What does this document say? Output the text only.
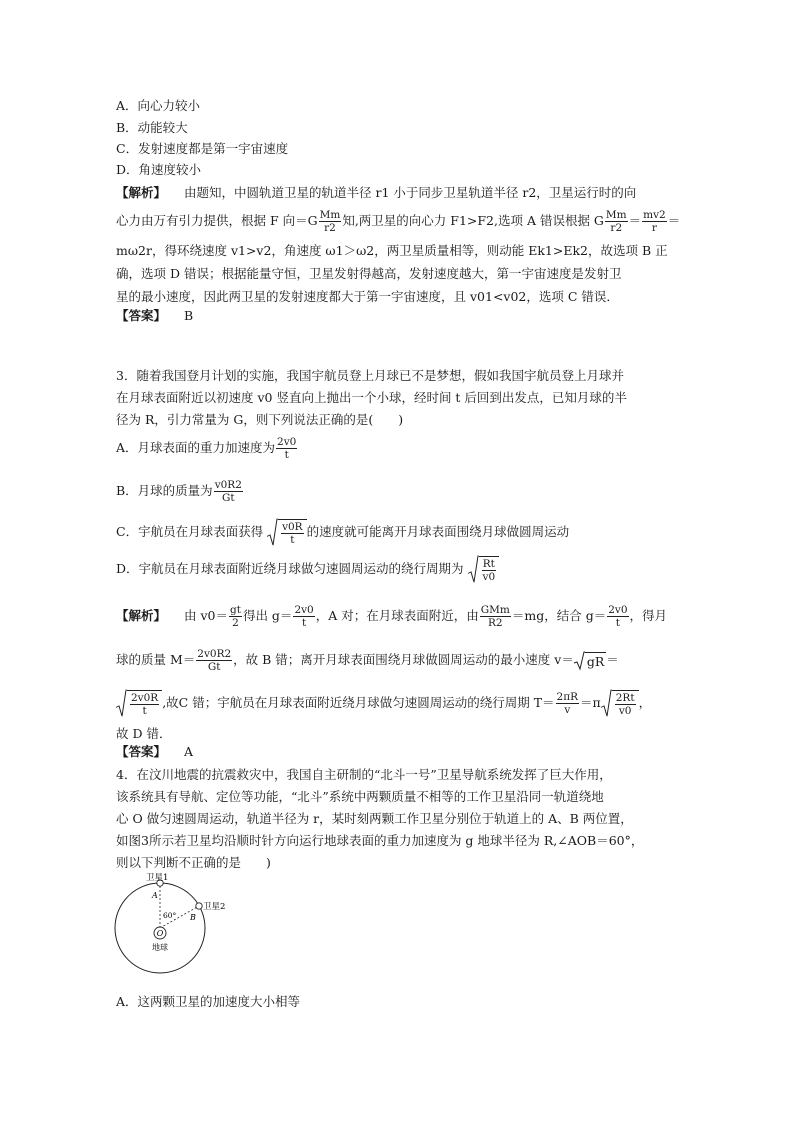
A．向心力较小
B．动能较大
C．发射速度都是第一宇宙速度
D．角速度较小
【解析】 由题知，中圆轨道卫星的轨道半径 r1 小于同步卫星轨道半径 r2，卫星运行时的向
心力由万有引力提供，根据 F 向$=G \frac{Mm}{r2}$ 知,两卫星的向心力 F1>F2,选项 A 错误根据 G $\frac{Mm}{r2} = \frac{mv2}{r}$ ＝
mω2r，得环绕速度 v1>v2，角速度 ω1＞ω2，两卫星质量相等，则动能 Ek1>Ek2，故选项 B 正
确，选项 D 错误；根据能量守恒，卫星发射得越高，发射速度越大，第一宇宙速度是发射卫
星的最小速度，因此两卫星的发射速度都大于第一宇宙速度，且 v01<v02，选项 C 错误．
【答案】 B
3．随着我国登月计划的实施，我国宇航员登上月球已不是梦想，假如我国宇航员登上月球并
在月球表面附近以初速度 v0 竖直向上抛出一个小球，经时间 t 后回到出发点，已知月球的半
径为 R，引力常量为 G，则下列说法正确的是(　　)
A．月球表面的重力加速度为 $\frac{2v0}{t}$
B．月球的质量为 $\frac{v0R2}{Gt}$
C．宇航员在月球表面获得 $\frac{v0R}{t}$ 的速度就可能离开月球表面围绕月球做圆周运动
D．宇航员在月球表面附近绕月球做匀速圆周运动的绕行周期为 $\frac{Rt}{v0}$
【解析】 由 $v0= \frac{gt}{2}$ 得出 $g= \frac{2v0}{t}$ ，A 对；在月球表面附近，由 $\frac{\text{GMm}}{R2} =mg$，结合 $g= \frac{2v0}{t}$ ，得月
球的质量 $M= \frac{2v0R2}{Gt}$ ，故 B 错；离开月球表面围绕月球做圆周运动的最小速度 v＝ gR ＝
$\frac{2v0R}{t}$ ,故C 错；宇航员在月球表面附近绕月球做匀速圆周运动的绕行周期 $T= \frac{2\pi R}{v} =\pi \frac{2Rt}{v0}$ ，
故 D 错．
【答案】 A
4．在汶川地震的抗震救灾中，我国自主研制的“北斗一号”卫星导航系统发挥了巨大作用，
该系统具有导航、定位等功能，“北斗”系统中两颗质量不相等的工作卫星沿同一轨道绕地
心 O 做匀速圆周运动，轨道半径为 r，某时刻两颗工作卫星分别位于轨道上的 A、B 两位置，
如图3所示若卫星均沿顺时针方向运行地球表面的重力加速度为 g 地球半径为 R,∠AOB＝60°，
则以下判断不正确的是　　)
O
卫星1
卫星2
A
B
60°
地球
A．这两颗卫星的加速度大小相等
